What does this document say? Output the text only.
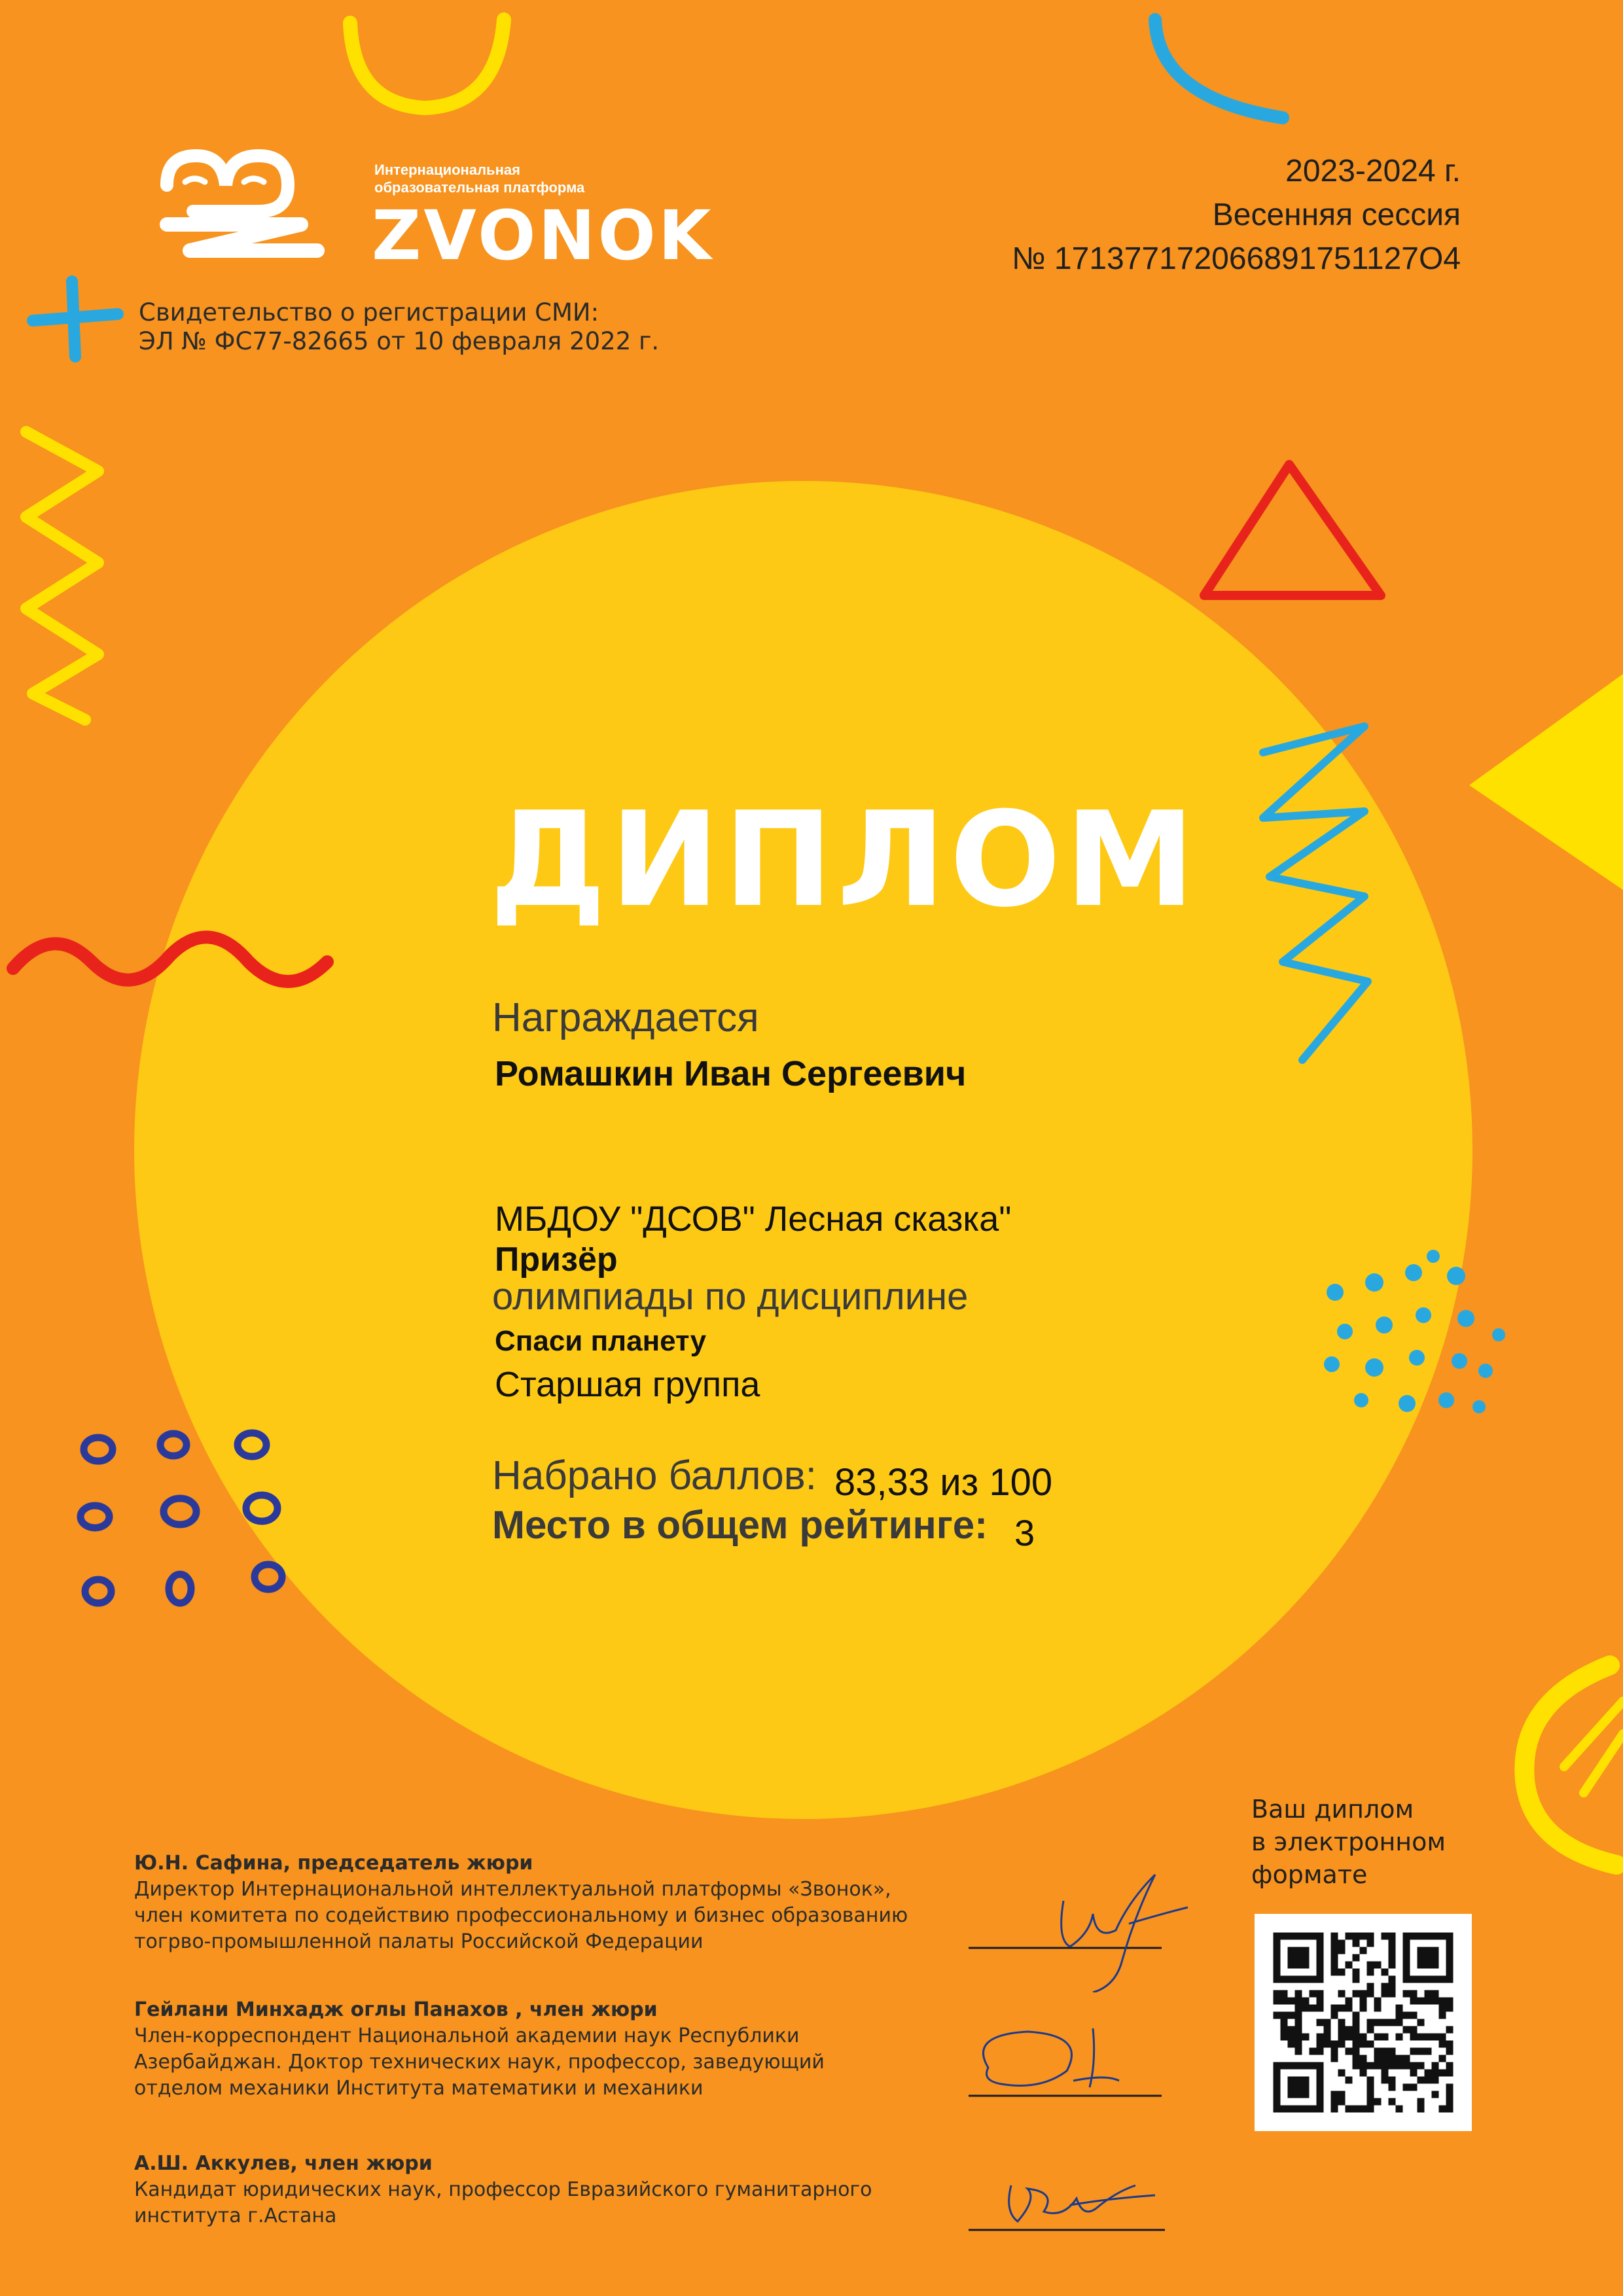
Интернациональная
образовательная платформа
ZVONOK
Свидетельство о регистрации СМИ:
ЭЛ № ФС77-82665 от 10 февраля 2022 г.
2023-2024 г.
Весенняя сессия
№ 171377172066891751127O4
ДИПЛОМ
Награждается
Ромашкин Иван Сергеевич
МБДОУ "ДСОВ" Лесная сказка"
Призёр
олимпиады по дисциплине
Спаси планету
Старшая группа
Набрано баллов: 83,33 из 100
Место в общем рейтинге: 3
Ваш диплом
в электронном
формате
Ю.Н. Сафина, председатель жюри
Директор Интернациональной интеллектуальной платформы «Звонок»,
член комитета по содействию профессиональному и бизнес образованию
тогрво-промышленной палаты Российской Федерации
Гейлани Минхадж оглы Панахов , член жюри
Член-корреспондент Национальной академии наук Республики
Азербайджан. Доктор технических наук, профессор, заведующий
отделом механики Института математики и механики
А.Ш. Аккулев, член жюри
Кандидат юридических наук, профессор Евразийского гуманитарного
института г.Астана
